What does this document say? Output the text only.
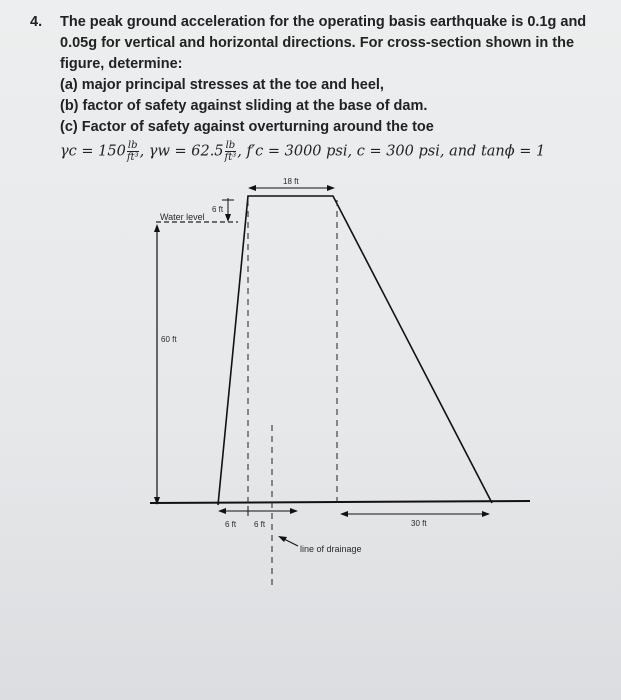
4. The peak ground acceleration for the operating basis earthquake is 0.1g and
0.05g for vertical and horizontal directions. For cross-section shown in the
figure, determine:
(a) major principal stresses at the toe and heel,
(b) factor of safety against sliding at the base of dam.
(c) Factor of safety against overturning around the toe
$\gamma c = 150 \frac{lb}{\text{ft³}}$ , $\gamma w = 62.5 \frac{lb}{\text{ft³}}$ , f′c = 3000 psi, c = 300 psi, and tanϕ = 1
18 ft
Water level
6 ft
60 ft
6 ft 6 ft	30 ft
line of drainage
